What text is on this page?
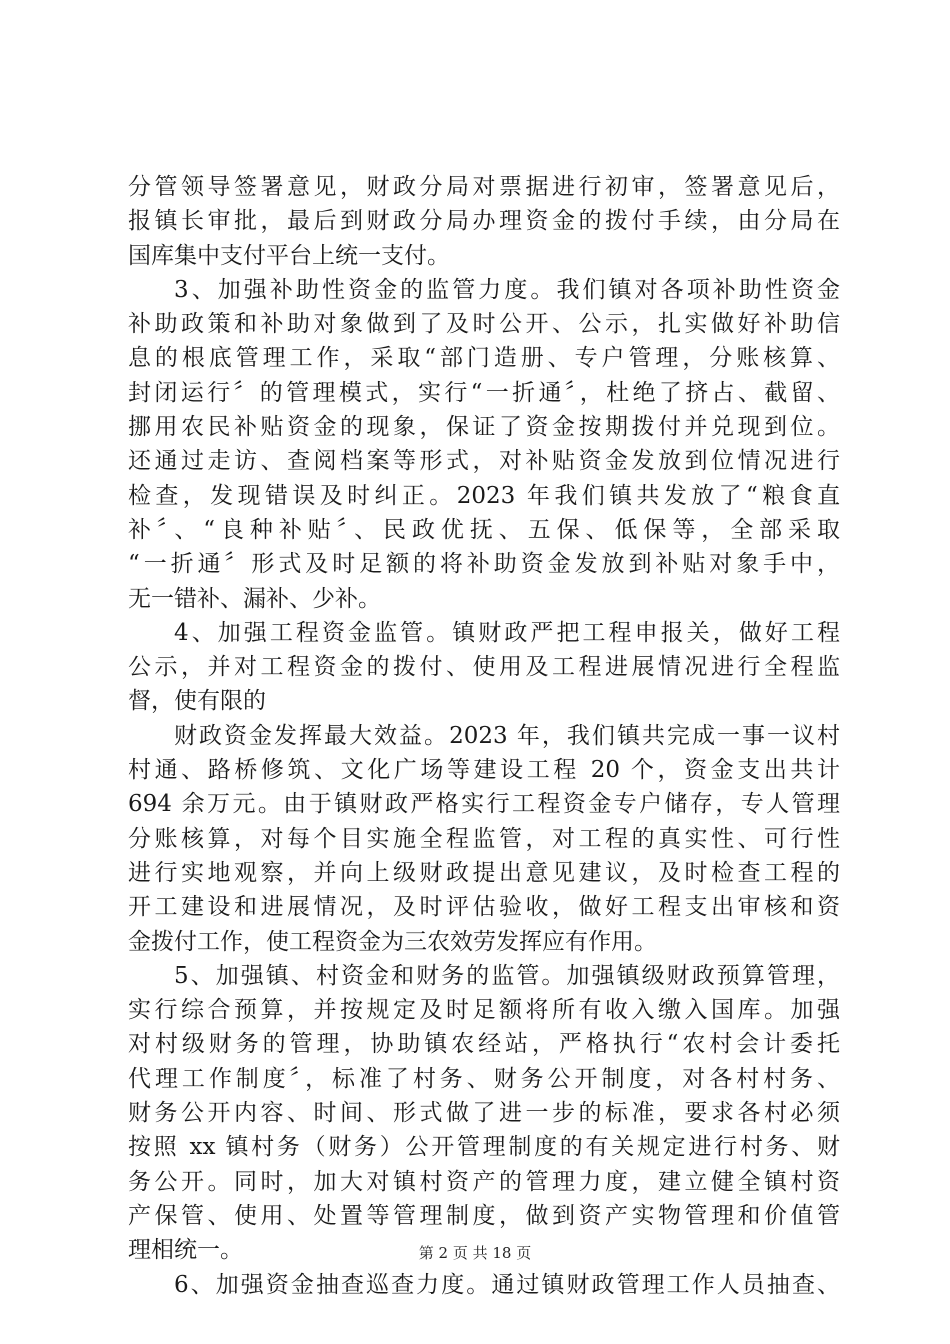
分管领导签署意见，财政分局对票据进行初审，签署意见后，
报镇长审批，最后到财政分局办理资金的拨付手续，由分局在
国库集中支付平台上统一支付。
3、加强补助性资金的监管力度。我们镇对各项补助性资金
补助政策和补助对象做到了及时公开、公示，扎实做好补助信
息的根底管理工作，采取“部门造册、专户管理，分账核算、
封闭运行〞的管理模式，实行“一折通〞，杜绝了挤占、截留、
挪用农民补贴资金的现象，保证了资金按期拨付并兑现到位。
还通过走访、查阅档案等形式，对补贴资金发放到位情况进行
检查，发现错误及时纠正。2023 年我们镇共发放了“粮食直
补〞、“良种补贴〞、民政优抚、五保、低保等，全部采取
“一折通〞形式及时足额的将补助资金发放到补贴对象手中，
无一错补、漏补、少补。
4、加强工程资金监管。镇财政严把工程申报关，做好工程
公示，并对工程资金的拨付、使用及工程进展情况进行全程监
督，使有限的
财政资金发挥最大效益。2023 年，我们镇共完成一事一议村
村通、路桥修筑、文化广场等建设工程 20 个，资金支出共计
694 余万元。由于镇财政严格实行工程资金专户储存，专人管理
分账核算，对每个目实施全程监管，对工程的真实性、可行性
进行实地观察，并向上级财政提出意见建议，及时检查工程的
开工建设和进展情况，及时评估验收，做好工程支出审核和资
金拨付工作，使工程资金为三农效劳发挥应有作用。
5、加强镇、村资金和财务的监管。加强镇级财政预算管理，
实行综合预算，并按规定及时足额将所有收入缴入国库。加强
对村级财务的管理，协助镇农经站，严格执行“农村会计委托
代理工作制度〞，标准了村务、财务公开制度，对各村村务、
财务公开内容、时间、形式做了进一步的标准，要求各村必须
按照 xx 镇村务（财务）公开管理制度的有关规定进行村务、财
务公开。同时，加大对镇村资产的管理力度，建立健全镇村资
产保管、使用、处置等管理制度，做到资产实物管理和价值管
理相统一。
6、加强资金抽查巡查力度。通过镇财政管理工作人员抽查、
第 2 页 共 18 页
